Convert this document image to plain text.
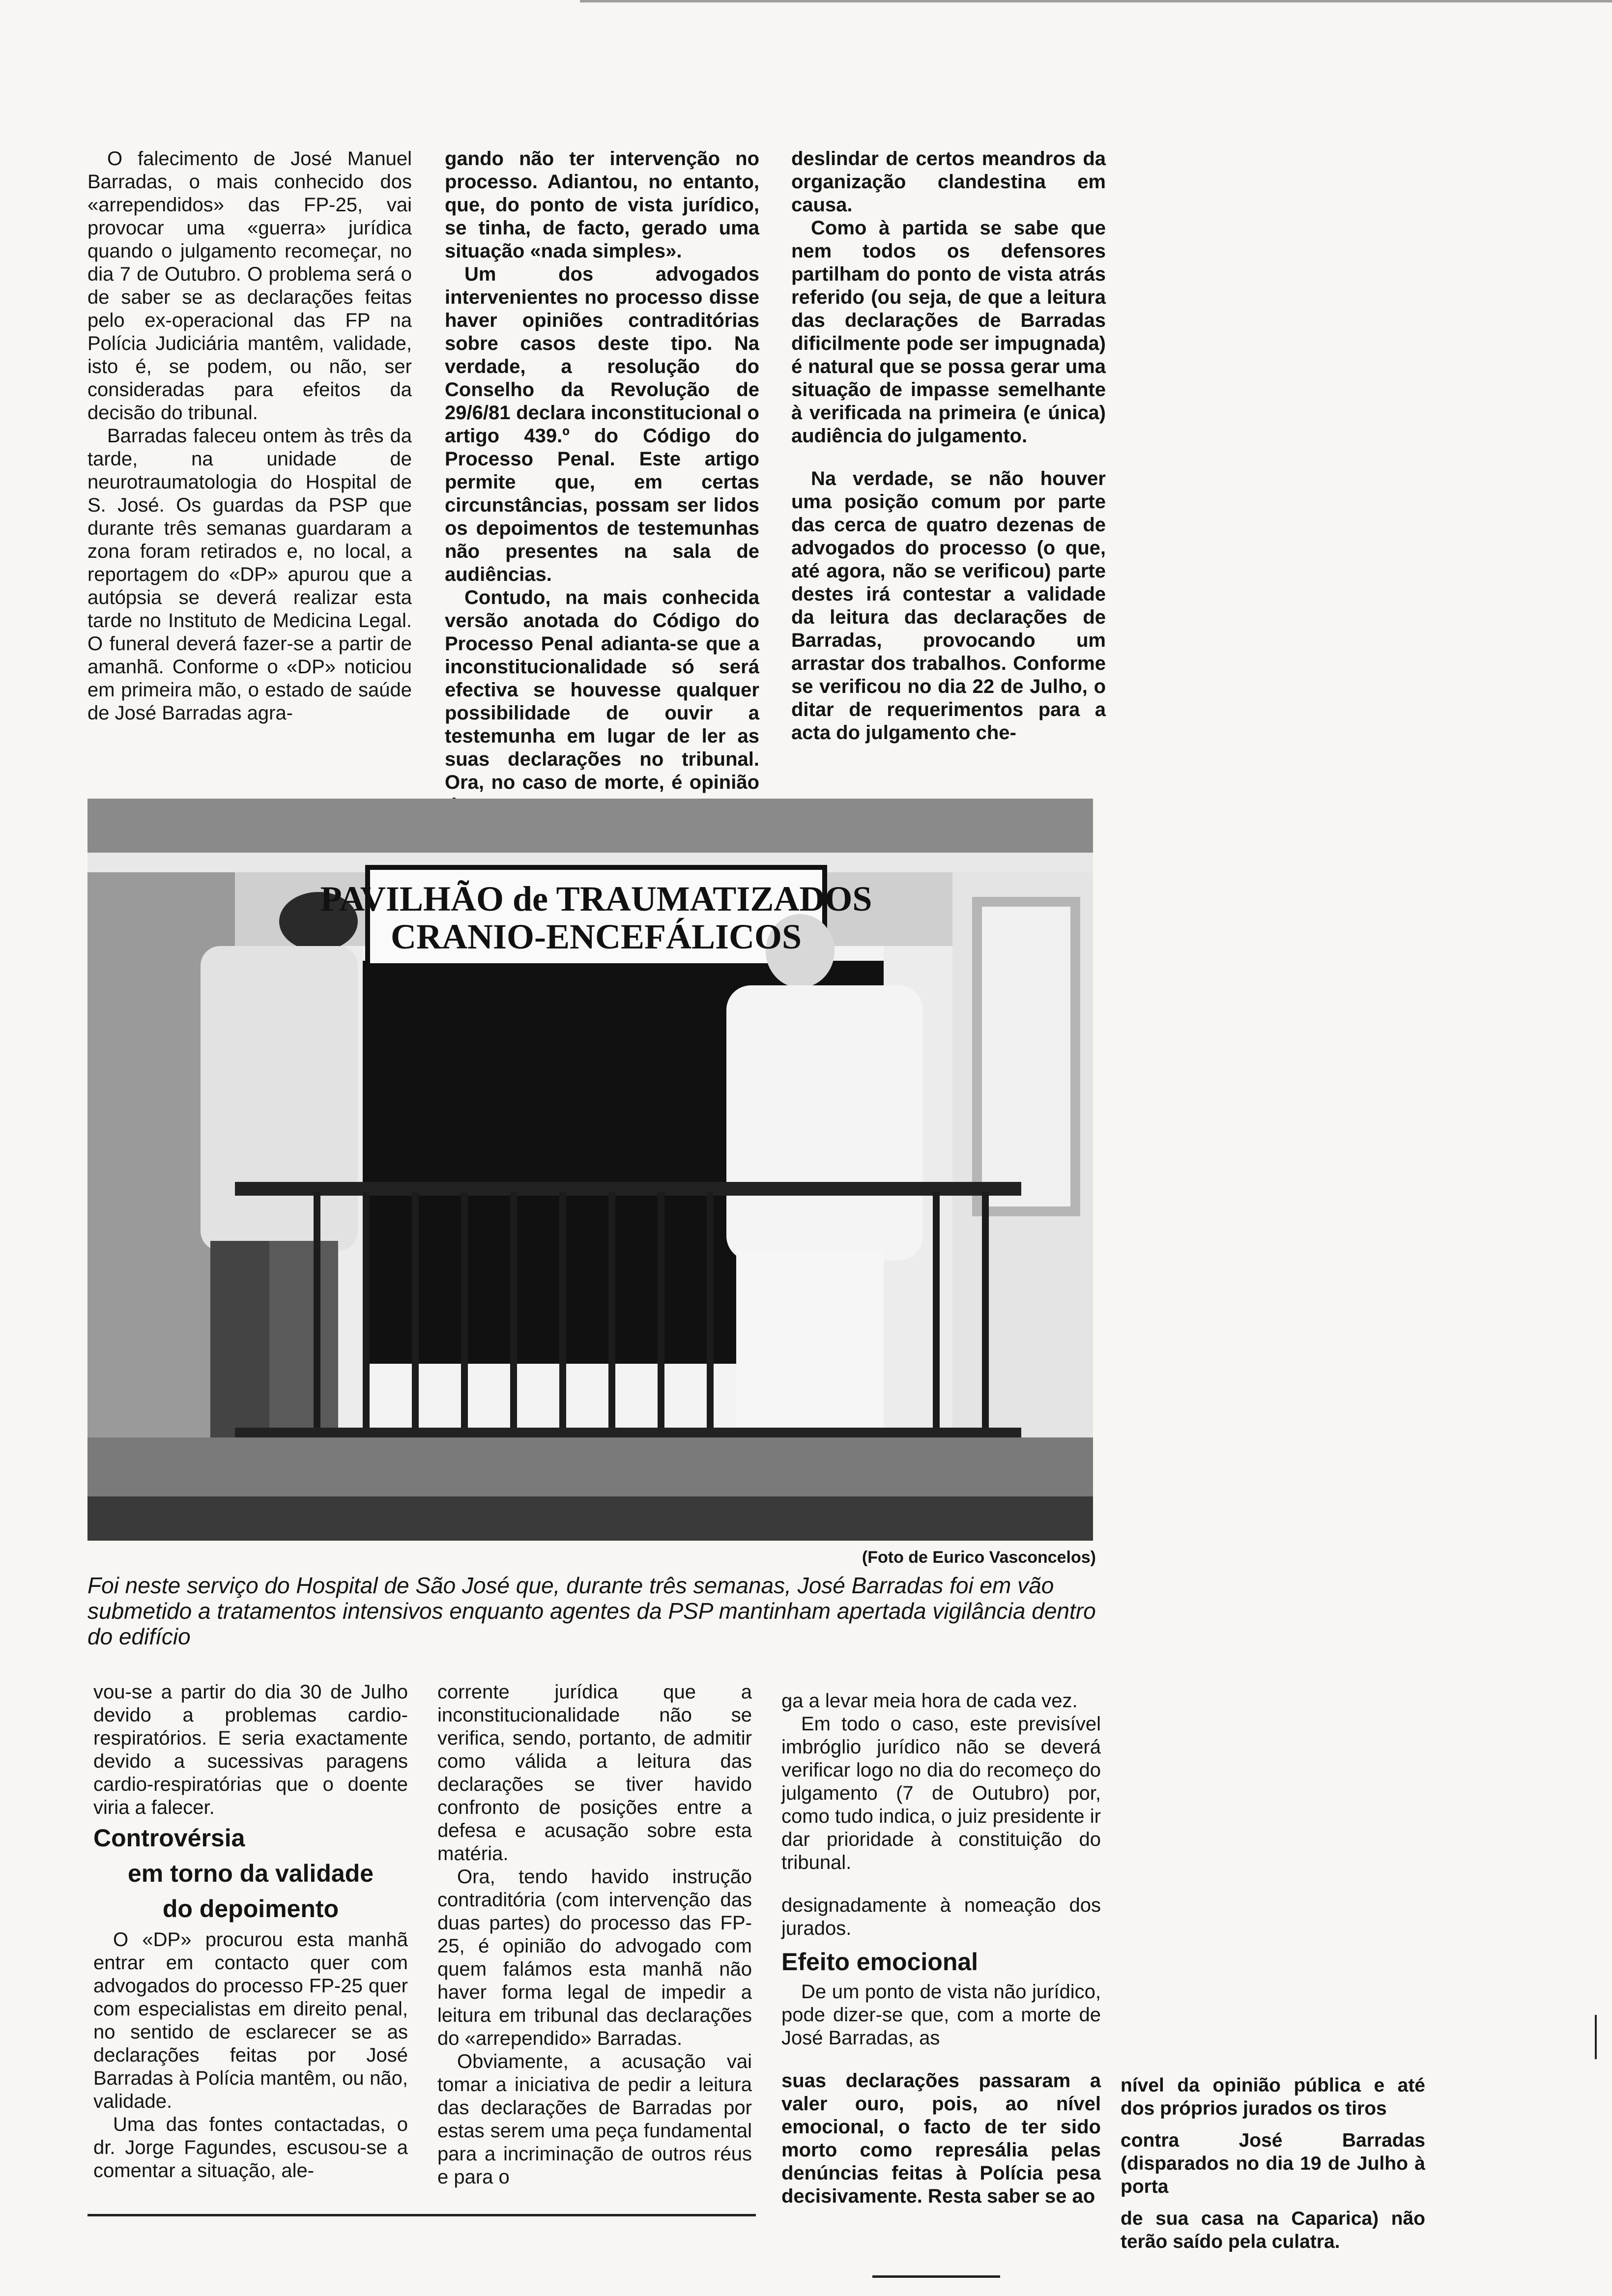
O falecimento de José Manuel Barradas, o mais conhecido dos «arrependidos» das FP-25, vai provocar uma «guerra» jurídica quando o julgamento recomeçar, no dia 7 de Outubro. O problema será o de saber se as declarações feitas pelo ex-operacional das FP na Polícia Judiciária mantêm, validade, isto é, se podem, ou não, ser consideradas para efeitos da decisão do tribunal.

Barradas faleceu ontem às três da tarde, na unidade de neurotraumatologia do Hospital de S. José. Os guardas da PSP que durante três semanas guardaram a zona foram retirados e, no local, a reportagem do «DP» apurou que a autópsia se deverá realizar esta tarde no Instituto de Medicina Legal. O funeral deverá fazer-se a partir de amanhã. Conforme o «DP» noticiou em primeira mão, o estado de saúde de José Barradas agra-

gando não ter intervenção no processo. Adiantou, no entanto, que, do ponto de vista jurídico, se tinha, de facto, gerado uma situação «nada simples».

Um dos advogados intervenientes no processo disse haver opiniões contraditórias sobre casos deste tipo. Na verdade, a resolução do Conselho da Revolução de 29/6/81 declara inconstitucional o artigo 439.º do Código do Processo Penal. Este artigo permite que, em certas circunstâncias, possam ser lidos os depoimentos de testemunhas não presentes na sala de audiências.

Contudo, na mais conhecida versão anotada do Código do Processo Penal adianta-se que a inconstitucionalidade só será efectiva se houvesse qualquer possibilidade de ouvir a testemunha em lugar de ler as suas declarações no tribunal. Ora, no caso de morte, é opinião

deslindar de certos meandros da organização clandestina em causa.

Como à partida se sabe que nem todos os defensores partilham do ponto de vista atrás referido (ou seja, de que a leitura das declarações de Barradas dificilmente pode ser impugnada) é natural que se possa gerar uma situação de impasse semelhante à verificada na primeira (e única) audiência do julgamento.

Na verdade, se não houver uma posição comum por parte das cerca de quatro dezenas de advogados do processo (o que, até agora, não se verificou) parte destes irá contestar a validade da leitura das declarações de Barradas, provocando um arrastar dos trabalhos. Conforme se verificou no dia 22 de Julho, o ditar de requerimentos para a acta do julgamento che-

PAVILHÃO de TRAUMATIZADOS
CRANIO-ENCEFÁLICOS
(Foto de Eurico Vasconcelos)
Foi neste serviço do Hospital de São José que, durante três semanas, José Barradas foi em vão submetido a tratamentos intensivos enquanto agentes da PSP mantinham apertada vigilância dentro do edifício

vou-se a partir do dia 30 de Julho devido a problemas cardio-respiratórios. E seria exactamente devido a sucessivas paragens cardio-respiratórias que o doente viria a falecer.

Controvérsia
em torno da validade
do depoimento

O «DP» procurou esta manhã entrar em contacto quer com advogados do processo FP-25 quer com especialistas em direito penal, no sentido de esclarecer se as declarações feitas por José Barradas à Polícia mantêm, ou não, validade.

Uma das fontes contactadas, o dr. Jorge Fagundes, escusou-se a comentar a situação, ale-

corrente jurídica que a inconstitucionalidade não se verifica, sendo, portanto, de admitir como válida a leitura das declarações se tiver havido confronto de posições entre a defesa e acusação sobre esta matéria.

Ora, tendo havido instrução contraditória (com intervenção das duas partes) do processo das FP-25, é opinião do advogado com quem falámos esta manhã não haver forma legal de impedir a leitura em tribunal das declarações do «arrependido» Barradas.

Obviamente, a acusação vai tomar a iniciativa de pedir a leitura das declarações de Barradas por estas serem uma peça fundamental para a incriminação de outros réus e para o

ga a levar meia hora de cada vez.

Em todo o caso, este previsível imbróglio jurídico não se deverá verificar logo no dia do recomeço do julgamento (7 de Outubro) por, como tudo indica, o juiz presidente ir dar prioridade à constituição do tribunal.

designadamente à nomeação dos jurados.

Efeito emocional

De um ponto de vista não jurídico, pode dizer-se que, com a morte de José Barradas, as

suas declarações passaram a valer ouro, pois, ao nível emocional, o facto de ter sido morto como represália pelas denúncias feitas à Polícia pesa decisivamente. Resta saber se ao

nível da opinião pública e até dos próprios jurados os tiros

contra José Barradas (disparados no dia 19 de Julho à porta

de sua casa na Caparica) não terão saído pela culatra.
